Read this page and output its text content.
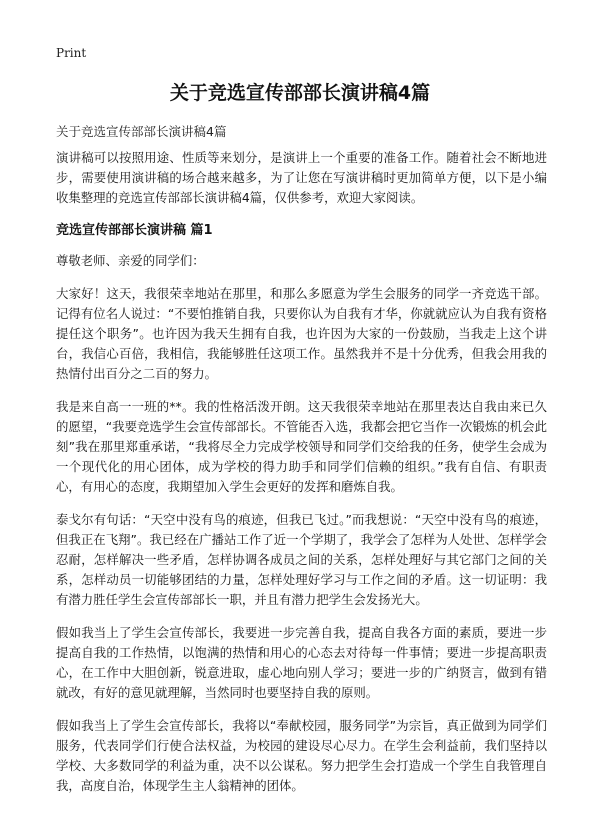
Print
关于竞选宣传部部长演讲稿4篇
关于竞选宣传部部长演讲稿4篇

演讲稿可以按照用途、性质等来划分，是演讲上一个重要的准备工作。随着社会不断地进步，需要使用演讲稿的场合越来越多，为了让您在写演讲稿时更加简单方便，以下是小编收集整理的竞选宣传部部长演讲稿4篇，仅供参考，欢迎大家阅读。

竞选宣传部部长演讲稿 篇1

尊敬老师、亲爱的同学们：

大家好！这天，我很荣幸地站在那里，和那么多愿意为学生会服务的同学一齐竞选干部。记得有位名人说过：“不要怕推销自我，只要你认为自我有才华，你就就应认为自我有资格提任这个职务”。也许因为我天生拥有自我，也许因为大家的一份鼓励，当我走上这个讲台，我信心百倍，我相信，我能够胜任这项工作。虽然我并不是十分优秀，但我会用我的热情付出百分之二百的努力。

我是来自高一一班的**。我的性格活泼开朗。这天我很荣幸地站在那里表达自我由来已久的愿望，“我要竞选学生会宣传部部长。不管能否入选，我都会把它当作一次锻炼的机会此刻”我在那里郑重承诺，“我将尽全力完成学校领导和同学们交给我的任务，使学生会成为一个现代化的用心团体，成为学校的得力助手和同学们信赖的组织。”我有自信、有职责心，有用心的态度，我期望加入学生会更好的发挥和磨炼自我。

泰戈尔有句话：“天空中没有鸟的痕迹，但我已飞过。”而我想说：“天空中没有鸟的痕迹，但我正在飞翔”。我已经在广播站工作了近一个学期了，我学会了怎样为人处世、怎样学会忍耐，怎样解决一些矛盾，怎样协调各成员之间的关系，怎样处理好与其它部门之间的关系，怎样动员一切能够团结的力量，怎样处理好学习与工作之间的矛盾。这一切证明：我有潜力胜任学生会宣传部部长一职，并且有潜力把学生会发扬光大。

假如我当上了学生会宣传部长，我要进一步完善自我，提高自我各方面的素质，要进一步提高自我的工作热情，以饱满的热情和用心的心态去对待每一件事情；要进一步提高职责心，在工作中大胆创新，锐意进取，虚心地向别人学习；要进一步的广纳贤言，做到有错就改，有好的意见就理解，当然同时也要坚持自我的原则。

假如我当上了学生会宣传部长，我将以“奉献校园，服务同学”为宗旨，真正做到为同学们服务，代表同学们行使合法权益，为校园的建设尽心尽力。在学生会利益前，我们坚持以学校、大多数同学的利益为重，决不以公谋私。努力把学生会打造成一个学生自我管理自我，高度自治，体现学生主人翁精神的团体。
